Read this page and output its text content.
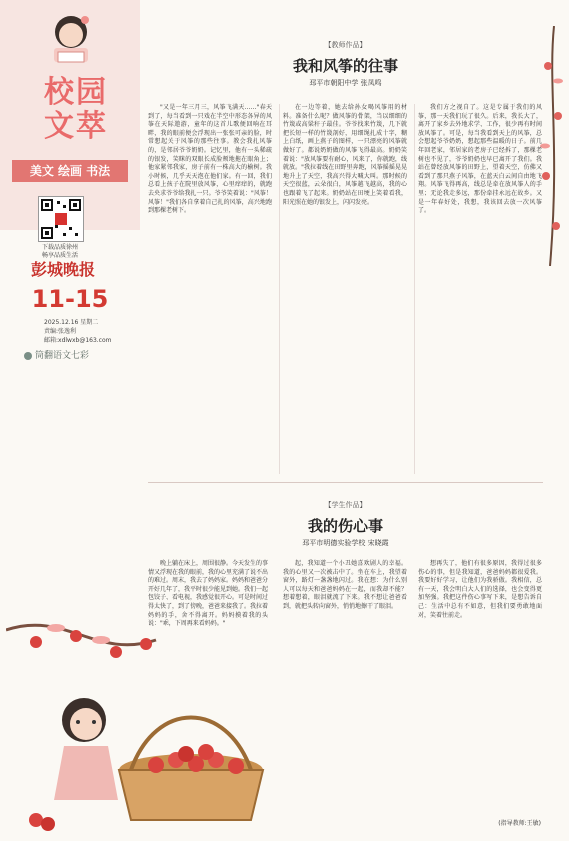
校园
文萃
美文 绘画 书法
下载品质徐州
畅享品质生活
彭城晚报
11-15
2025.12.16 星期二
责编:张逸利
邮箱:xdlwxb@163.com
筒翻语文七彩
【教师作品】
我和风筝的往事
邳平市朝阳中学 张凤鸣

"又是一年三月三，风筝飞满天……"春天到了，每当看到一只戏在半空中形态各异的风筝在天际遨游，童年的这首儿歌便回响在耳畔，我的眼前便会浮现出一张张可亲的脸，时常想起关于风筝的那些往事。教会我扎风筝的，是邻居爷爷奶奶。记忆里，他有一头稀疏的银发，笑眯的双眼长成脸颊地拖在眼角上；他家紧邻我家，房子前有一株高大的榆树。我小时候，几乎天天泡在他们家。有一回，我们总看上孩子在院里放风筝，心里痒痒的，就跑去央求爷爷给我扎一只。爷爷笑着说："风筝！风筝！"我们各自拿着自己扎的风筝，高兴地跑到那棵老树下。

在一边等着，她去给孙女喝风筝用的材料。准备什么呢？做风筝的骨架，当以细细的竹篾或高粱秆子最佳。爷爷找来竹篾，几下就把长短一样的竹篾剖好，用细绳扎成十字，糊上白纸，画上燕子的图样，一只漂亮的风筝就做好了。都说奶奶做的风筝飞得最高。奶奶笑着说："放风筝要有耐心，风来了，你就跑，线就放。"我拉着线在田野里奔跑，风筝摇摇晃晃地升上了天空，我高兴得大喊大叫。那时候的天空很蓝，云朵很白，风筝越飞越高，我的心也跟着飞了起来。奶奶站在田埂上笑着看我，阳光照在她的银发上，闪闪发亮。

我们方之视自了。这是专属于我们的风筝，那一天我们玩了很久。后来，我长大了，离开了家乡去外地求学、工作，很少再有时间放风筝了。可是，每当我看到天上的风筝，总会想起爷爷奶奶，想起那些温暖的日子。前几年回老家，邻居家的老房子已经拆了，那棵老树也不见了，爷爷奶奶也早已离开了我们。我站在曾经放风筝的田野上，望着天空，仿佛又看到了那只燕子风筝，在蓝天白云间自由地飞翔。风筝飞得再高，线总是牵在放风筝人的手里；无论我走多远，那份牵挂永远在故乡。又是一年春好处，我想，我该回去放一次风筝了。

【学生作品】
我的伤心事
邳平市明德实验学校 宋晓霞

晚上躺在床上，周围很静。今天发生的事情又浮现在我的眼前，我的心里充满了说不出的难过。周末，我去了妈妈家。妈妈和爸爸分开好几年了，我平时很少能见到她。我们一起包饺子、看电视，我感觉很开心。可是时间过得太快了，到了傍晚，爸爸来接我了。我拉着妈妈的手，舍不得离开。妈妈摸着我的头说："乖，下周再来看妈妈。"

起，我知道一个小丑她喜欢剧人的幸福。我的心里又一次被击中了。坐在车上，我望着窗外，路灯一盏盏地闪过。我在想：为什么别人可以每天和爸爸妈妈在一起，而我却不能？想着想着，眼泪就流了下来。我不想让爸爸看到，就把头转向窗外，悄悄地擦干了眼泪。

想再失了，他们有很多原因，我得过很多伤心的事，但是我知道，爸爸妈妈都很爱我。我要好好学习，让他们为我骄傲。我相信，总有一天，我会明白大人们的选择，也会变得更加坚强。我把这件伤心事写下来，是想告诉自己：生活中总有不如意，但我们要勇敢地面对，笑着往前走。

(指导教师:王敏)
